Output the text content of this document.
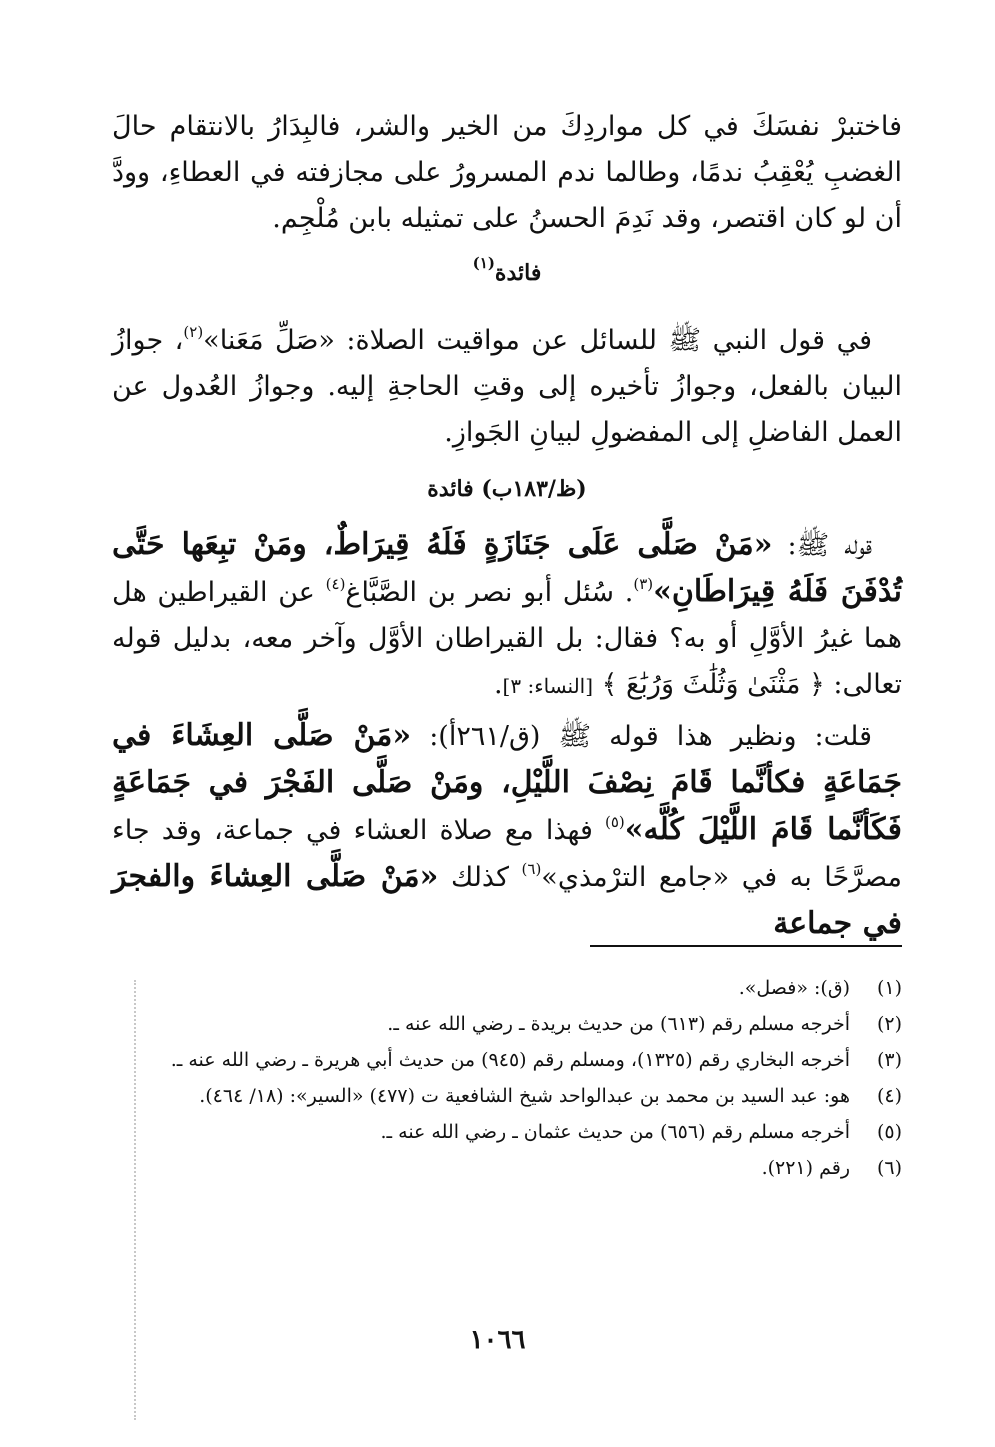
فاختبرْ نفسَكَ في كل مواردِكَ من الخير والشر، فالبِدَارُ بالانتقام حالَ الغضبِ يُعْقِبُ ندمًا، وطالما ندم المسرورُ على مجازفته في العطاءِ، وودَّ أن لو كان اقتصر، وقد نَدِمَ الحسنُ على تمثيله بابن مُلْجِم.

فائدة$^{(١)}$

في قول النبي ﷺ للسائل عن مواقيت الصلاة: «صَلِّ مَعَنا»$^{(٢)}$، جوازُ البيان بالفعل، وجوازُ تأخيره إلى وقتِ الحاجةِ إليه. وجوازُ العُدول عن العمل الفاضلِ إلى المفضولِ لبيانِ الجَوازِ.

(ظ/١٨٣ب) فائدة

قوله ﷺ: «مَنْ صَلَّى عَلَى جَنَازَةٍ فَلَهُ قِيرَاطٌ، ومَنْ تبِعَها حَتَّى تُدْفَنَ فَلَهُ قِيرَاطَانِ»$^{(٣)}$. سُئل أبو نصر بن الصَّبَّاغ$^{(٤)}$ عن القيراطين هل هما غيرُ الأوَّلِ أو به؟ فقال: بل القيراطان الأوَّل وآخر معه، بدليل قوله تعالى: ﴿ مَثْنَىٰ وَثُلَٰثَ وَرُبَٰعَ ﴾ [النساء: ٣].

قلت: ونظير هذا قوله ﷺ (ق/٢٦١أ): «مَنْ صَلَّى العِشَاءَ في جَمَاعَةٍ فكأنَّما قَامَ نِصْفَ اللَّيْلِ، ومَنْ صَلَّى الفَجْرَ في جَمَاعَةٍ فَكَأنَّما قَامَ اللَّيْلَ كُلَّه»$^{(٥)}$ فهذا مع صلاة العشاء في جماعة، وقد جاء مصرَّحًا به في «جامع الترْمذي»$^{(٦)}$ كذلك «مَنْ صَلَّى العِشاءَ والفجرَ في جماعة

(١)
(ق): «فصل».
(٢)
أخرجه مسلم رقم (٦١٣) من حديث بريدة ـ رضي الله عنه ـ.
(٣)
أخرجه البخاري رقم (١٣٢٥)، ومسلم رقم (٩٤٥) من حديث أبي هريرة ـ رضي الله عنه ـ.
(٤)
هو: عبد السيد بن محمد بن عبدالواحد شيخ الشافعية ت (٤٧٧) «السير»: (١٨/ ٤٦٤).
(٥)
أخرجه مسلم رقم (٦٥٦) من حديث عثمان ـ رضي الله عنه ـ.
(٦)
رقم (٢٢١).
١٠٦٦
